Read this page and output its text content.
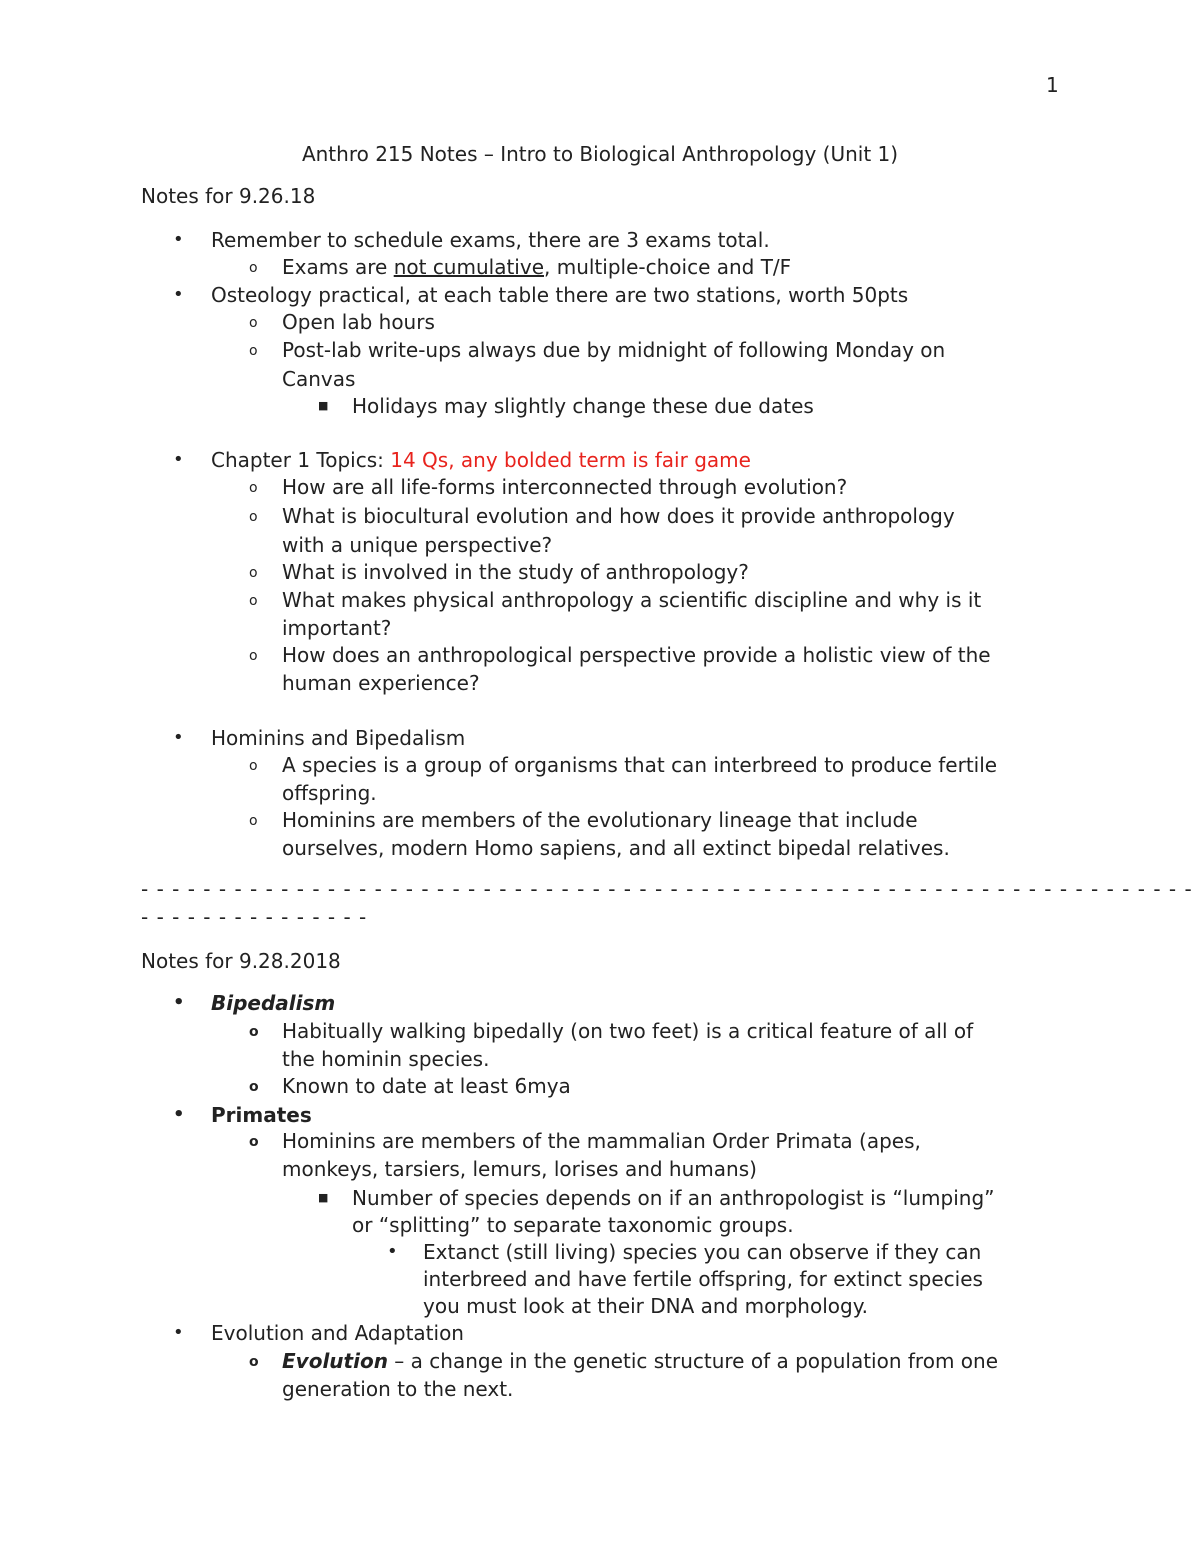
1
Anthro 215 Notes – Intro to Biological Anthropology (Unit 1)
Notes for 9.26.18
• Remember to schedule exams, there are 3 exams total.
o Exams are not cumulative, multiple-choice and T/F
• Osteology practical, at each table there are two stations, worth 50pts
o Open lab hours
o Post-lab write-ups always due by midnight of following Monday on
Canvas
■ Holidays may slightly change these due dates
• Chapter 1 Topics: 14 Qs, any bolded term is fair game
o How are all life-forms interconnected through evolution?
o What is biocultural evolution and how does it provide anthropology
with a unique perspective?
o What is involved in the study of anthropology?
o What makes physical anthropology a scientific discipline and why is it
important?
o How does an anthropological perspective provide a holistic view of the
human experience?
• Hominins and Bipedalism
o A species is a group of organisms that can interbreed to produce fertile
offspring.
o Hominins are members of the evolutionary lineage that include
ourselves, modern Homo sapiens, and all extinct bipedal relatives.
- - - - - - - - - - - - - - - - - - - - - - - - - - - - - - - - - - - - - - - - - - - - - - - - - - - - - - - - - - - - - - - - - - - -
- - - - - - - - - - - - - - -
Notes for 9.28.2018
• Bipedalism
o Habitually walking bipedally (on two feet) is a critical feature of all of
the hominin species.
o Known to date at least 6mya
• Primates
o Hominins are members of the mammalian Order Primata (apes,
monkeys, tarsiers, lemurs, lorises and humans)
■ Number of species depends on if an anthropologist is “lumping”
or “splitting” to separate taxonomic groups.
• Extanct (still living) species you can observe if they can
interbreed and have fertile offspring, for extinct species
you must look at their DNA and morphology.
• Evolution and Adaptation
o Evolution – a change in the genetic structure of a population from one
generation to the next.
